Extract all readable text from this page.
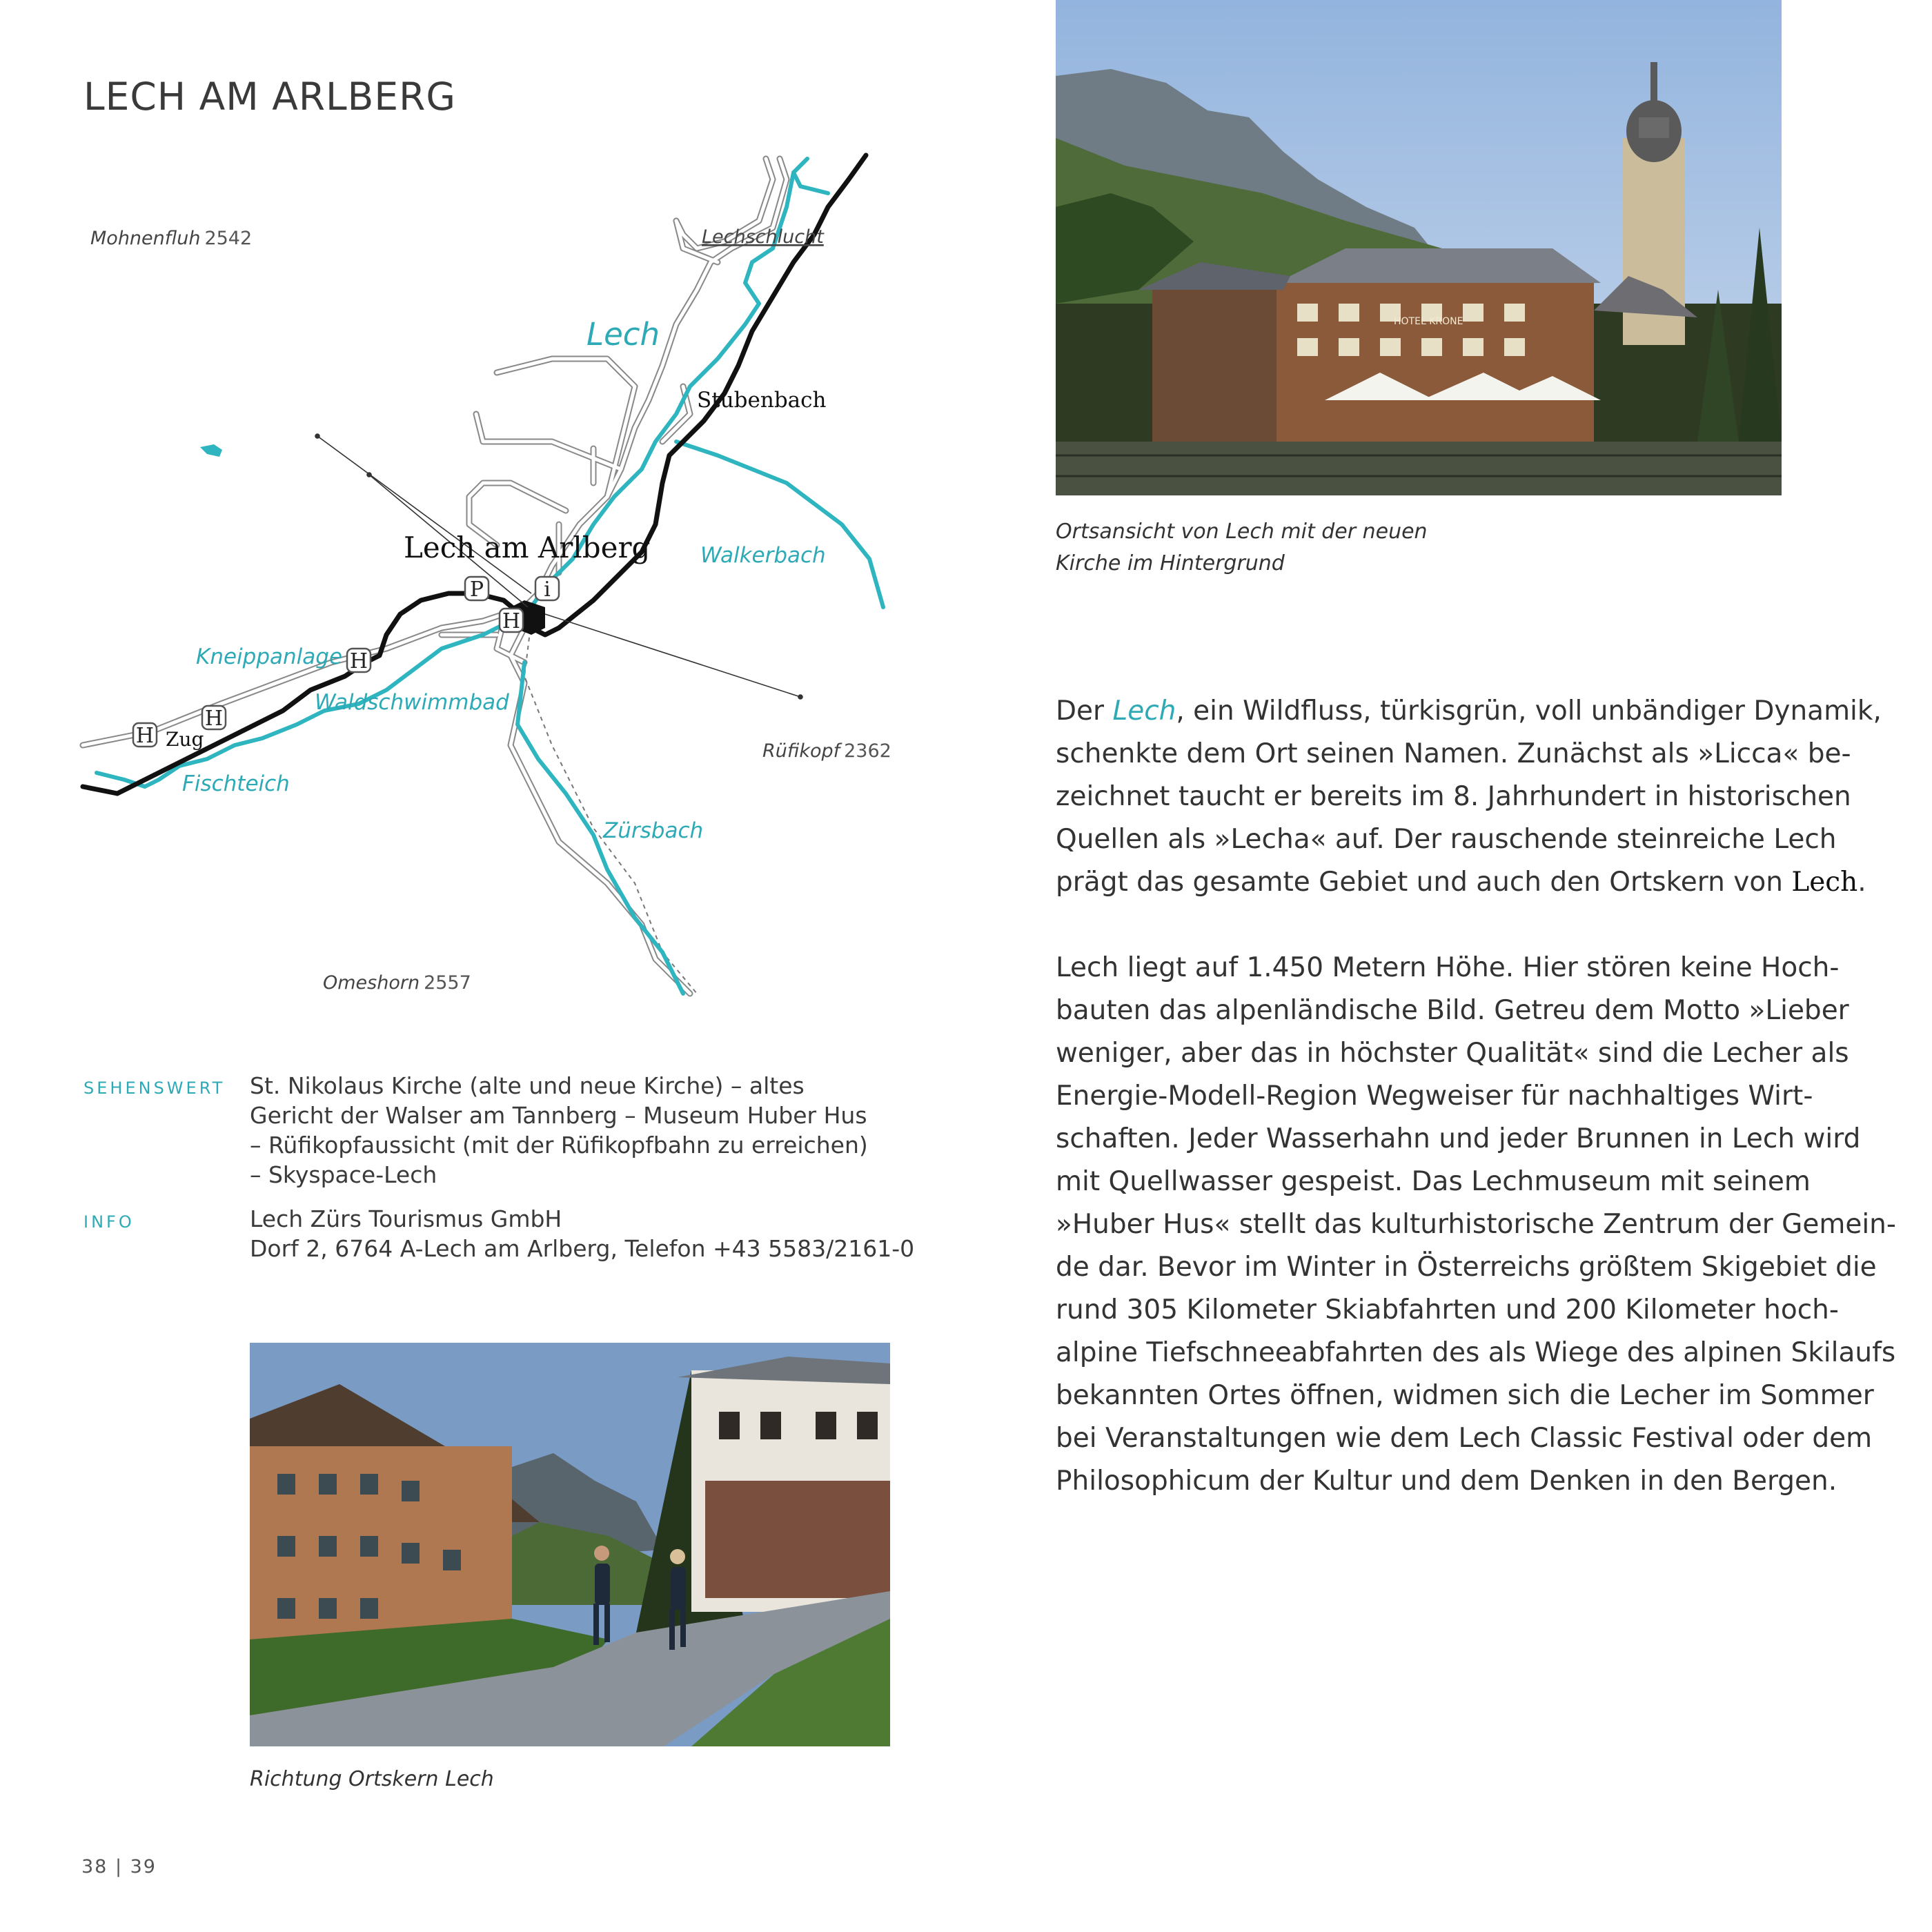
LECH AM ARLBERG
P	i
H
H
H
H
Mohnenfluh 2542
Rüfikopf 2362
Omeshorn 2557
Lechschlucht
Stubenbach
Lech am Arlberg
Zug
Lech
Walkerbach
Kneippanlage
Waldschwimmbad
Fischteich
Zürsbach
SEHENSWERT St. Nikolaus Kirche (alte und neue Kirche) – altes
Gericht der Walser am Tannberg – Museum Huber Hus
– Rüfikopfaussicht (mit der Rüfikopfbahn zu erreichen)
– Skyspace-Lech
INFO	Lech Zürs Tourismus GmbH
Dorf 2, 6764 A-Lech am Arlberg, Telefon +43 5583/2161-0
HOTEL KRONE
Ortsansicht von Lech mit der neuen
Kirche im Hintergrund

Der Lech, ein Wildfluss, türkisgrün, voll unbändiger Dynamik,
schenkte dem Ort seinen Namen. Zunächst als »Licca« be-
zeichnet taucht er bereits im 8. Jahrhundert in historischen
Quellen als »Lecha« auf. Der rauschende steinreiche Lech
prägt das gesamte Gebiet und auch den Ortskern von Lech.

Lech liegt auf 1.450 Metern Höhe. Hier stören keine Hoch-
bauten das alpenländische Bild. Getreu dem Motto »Lieber
weniger, aber das in höchster Qualität« sind die Lecher als
Energie-Modell-Region Wegweiser für nachhaltiges Wirt-
schaften. Jeder Wasserhahn und jeder Brunnen in Lech wird
mit Quellwasser gespeist. Das Lechmuseum mit seinem
»Huber Hus« stellt das kulturhistorische Zentrum der Gemein-
de dar. Bevor im Winter in Österreichs größtem Skigebiet die
rund 305 Kilometer Skiabfahrten und 200 Kilometer hoch-
alpine Tiefschneeabfahrten des als Wiege des alpinen Skilaufs
bekannten Ortes öffnen, widmen sich die Lecher im Sommer
bei Veranstaltungen wie dem Lech Classic Festival oder dem
Philosophicum der Kultur und dem Denken in den Bergen.

Richtung Ortskern Lech
38 | 39
